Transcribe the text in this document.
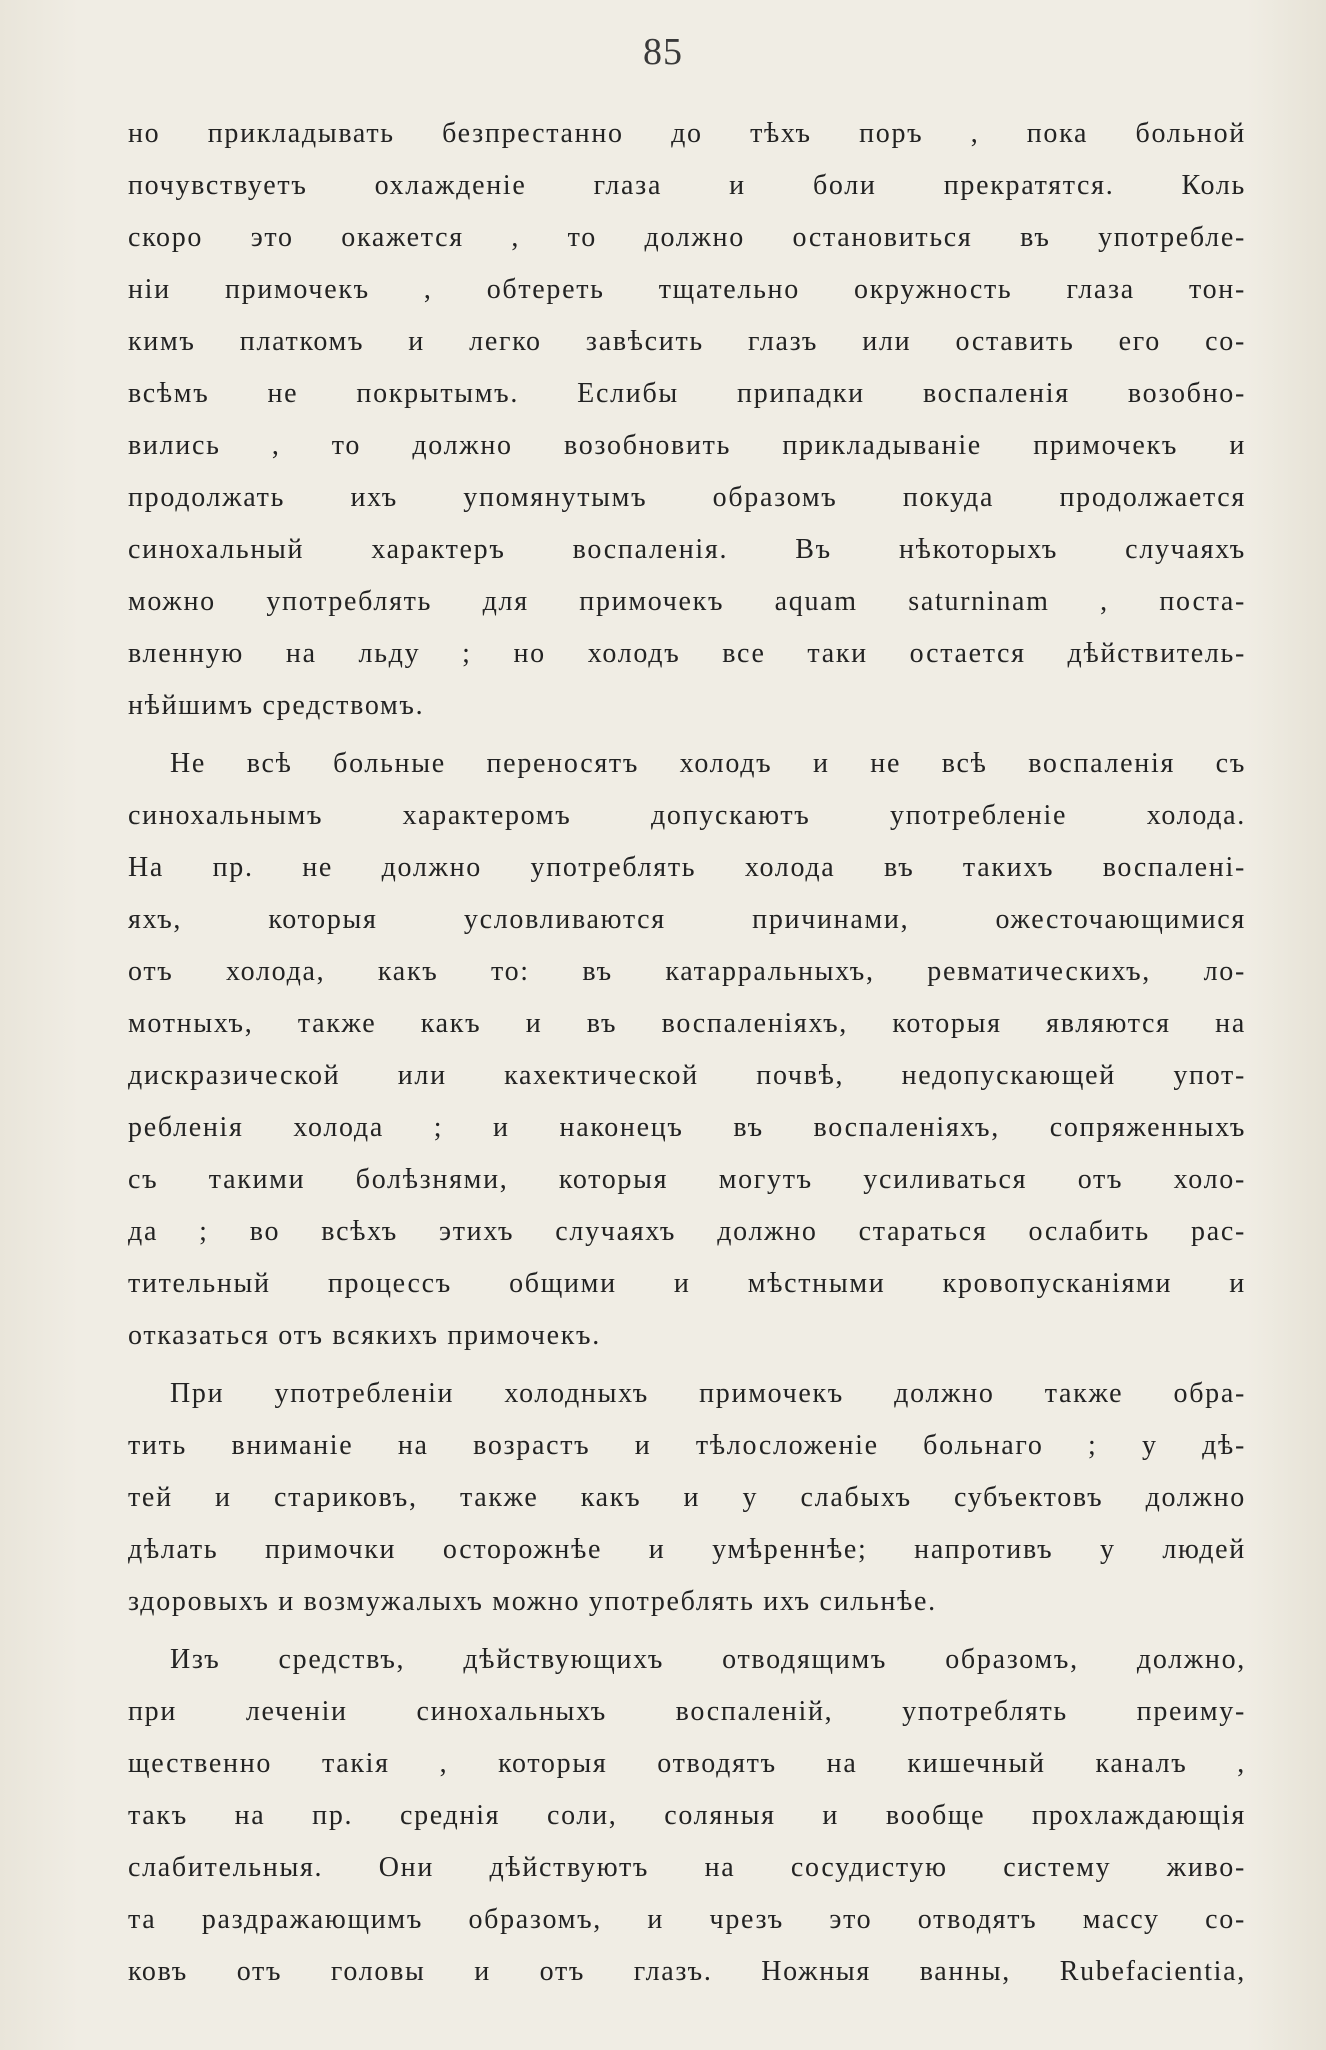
85

но прикладывать безпрестанно до тѣхъ поръ , пока больной
почувствуетъ охлажденіе глаза и боли прекратятся. Коль
скоро это окажется , то должно остановиться въ употребле-
ніи примочекъ , обтереть тщательно окружность глаза тон-
кимъ платкомъ и легко завѣсить глазъ или оставить его со-
всѣмъ не покрытымъ. Еслибы припадки воспаленія возобно-
вились , то должно возобновить прикладываніе примочекъ и
продолжать ихъ упомянутымъ образомъ покуда продолжается
синохальный характеръ воспаленія. Въ нѣкоторыхъ случаяхъ
можно употреблять для примочекъ aquam saturninam , поста-
вленную на льду ; но холодъ все таки остается дѣйствитель-
нѣйшимъ средствомъ.

Не всѣ больные переносятъ холодъ и не всѣ воспаленія съ
синохальнымъ характеромъ допускаютъ употребленіе холода.
На пр. не должно употреблять холода въ такихъ воспаленi-
яхъ, которыя условливаются причинами, ожесточающимися
отъ холода, какъ то: въ катарральныхъ, ревматическихъ, ло-
мотныхъ, также какъ и въ воспаленіяхъ, которыя являются на
дискразической или кахектической почвѣ, недопускающей упот-
ребленія холода ; и наконецъ въ воспаленіяхъ, сопряженныхъ
съ такими болѣзнями, которыя могутъ усиливаться отъ холо-
да ; во всѣхъ этихъ случаяхъ должно стараться ослабить рас-
тительный процессъ общими и мѣстными кровопусканіями и
отказаться отъ всякихъ примочекъ.

При употребленіи холодныхъ примочекъ должно также обра-
тить вниманіе на возрастъ и тѣлосложеніе больнаго ; у дѣ-
тей и стариковъ, также какъ и у слабыхъ субъектовъ должно
дѣлать примочки осторожнѣе и умѣреннѣе; напротивъ у людей
здоровыхъ и возмужалыхъ можно употреблять ихъ сильнѣе.

Изъ средствъ, дѣйствующихъ отводящимъ образомъ, должно,
при леченіи синохальныхъ воспаленій, употреблять преиму-
щественно такія , которыя отводятъ на кишечный каналъ ,
такъ на пр. среднія соли, соляныя и вообще прохлаждающія
слабительныя. Они дѣйствуютъ на сосудистую систему живо-
та раздражающимъ образомъ, и чрезъ это отводятъ массу со-
ковъ отъ головы и отъ глазъ. Ножныя ванны, Rubefacientia,
